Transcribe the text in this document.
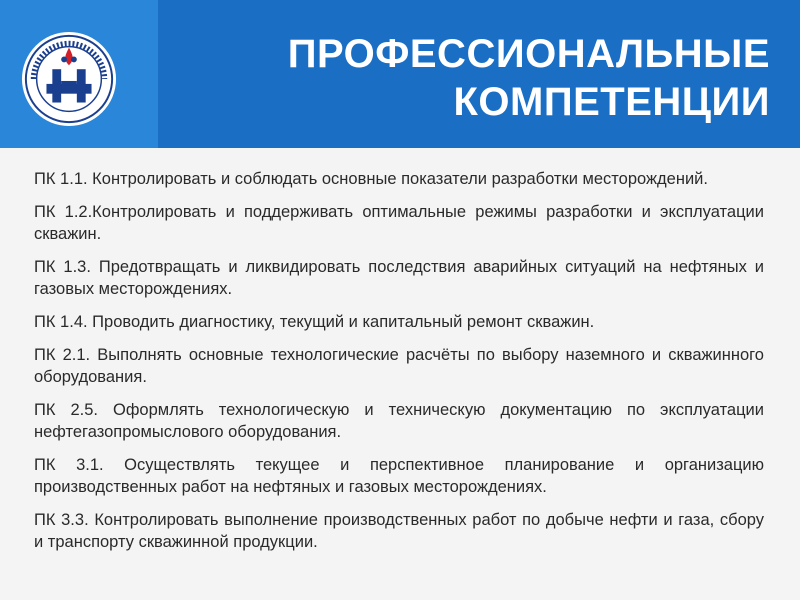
ПРОФЕССИОНАЛЬНЫЕ
КОМПЕТЕНЦИИ

ПК 1.1. Контролировать и соблюдать основные показатели разработки месторождений.

ПК 1.2.Контролировать и поддерживать оптимальные режимы разработки и эксплуатации скважин.

ПК 1.3. Предотвращать и ликвидировать последствия аварийных ситуаций на нефтяных и газовых месторождениях.

ПК 1.4. Проводить диагностику, текущий и капитальный ремонт скважин.

ПК 2.1. Выполнять основные технологические расчёты по выбору наземного и скважинного оборудования.

ПК 2.5. Оформлять технологическую и техническую документацию по эксплуатации нефтегазопромыслового оборудования.

ПК 3.1. Осуществлять текущее и перспективное планирование и организацию производственных работ на нефтяных и газовых месторождениях.

ПК 3.3. Контролировать выполнение производственных работ по добыче нефти и газа, сбору и транспорту скважинной продукции.
